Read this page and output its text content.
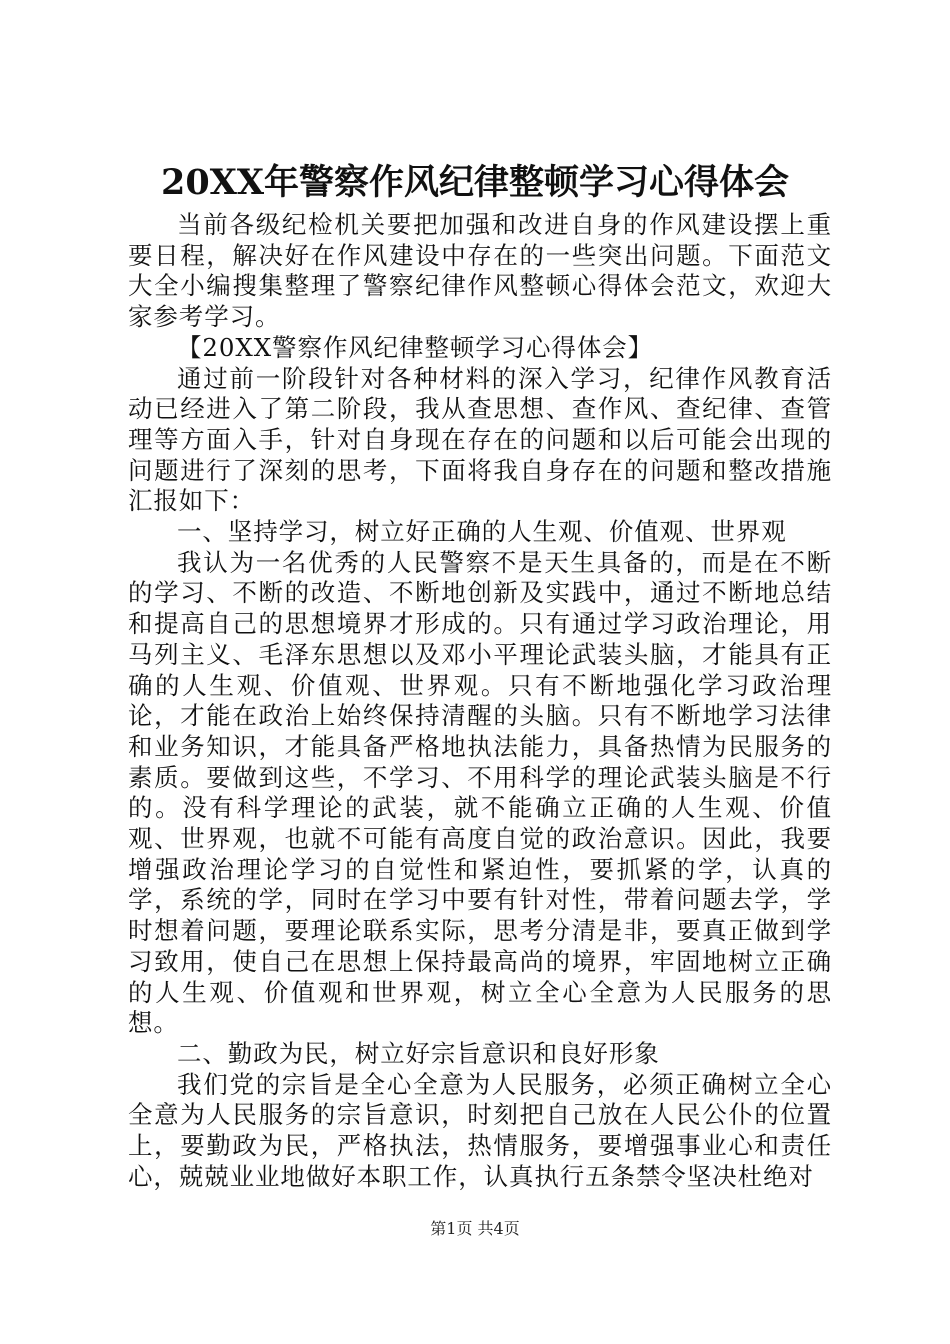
20XX年警察作风纪律整顿学习心得体会

当前各级纪检机关要把加强和改进自身的作风建设摆上重要日程，解决好在作风建设中存在的一些突出问题。下面范文大全小编搜集整理了警察纪律作风整顿心得体会范文，欢迎大家参考学习。

【20XX警察作风纪律整顿学习心得体会】

通过前一阶段针对各种材料的深入学习，纪律作风教育活动已经进入了第二阶段，我从查思想、查作风、查纪律、查管理等方面入手，针对自身现在存在的问题和以后可能会出现的问题进行了深刻的思考，下面将我自身存在的问题和整改措施汇报如下：

一、坚持学习，树立好正确的人生观、价值观、世界观

我认为一名优秀的人民警察不是天生具备的，而是在不断的学习、不断的改造、不断地创新及实践中，通过不断地总结和提高自己的思想境界才形成的。只有通过学习政治理论，用马列主义、毛泽东思想以及邓小平理论武装头脑，才能具有正确的人生观、价值观、世界观。只有不断地强化学习政治理论，才能在政治上始终保持清醒的头脑。只有不断地学习法律和业务知识，才能具备严格地执法能力，具备热情为民服务的素质。要做到这些，不学习、不用科学的理论武装头脑是不行的。没有科学理论的武装，就不能确立正确的人生观、价值观、世界观，也就不可能有高度自觉的政治意识。因此，我要增强政治理论学习的自觉性和紧迫性，要抓紧的学，认真的学，系统的学，同时在学习中要有针对性，带着问题去学，学时想着问题，要理论联系实际，思考分清是非，要真正做到学习致用，使自己在思想上保持最高尚的境界，牢固地树立正确的人生观、价值观和世界观，树立全心全意为人民服务的思想。

二、勤政为民，树立好宗旨意识和良好形象

我们党的宗旨是全心全意为人民服务，必须正确树立全心全意为人民服务的宗旨意识，时刻把自己放在人民公仆的位置上，要勤政为民，严格执法，热情服务，要增强事业心和责任心，兢兢业业地做好本职工作，认真执行五条禁令坚决杜绝对

第1页 共4页
